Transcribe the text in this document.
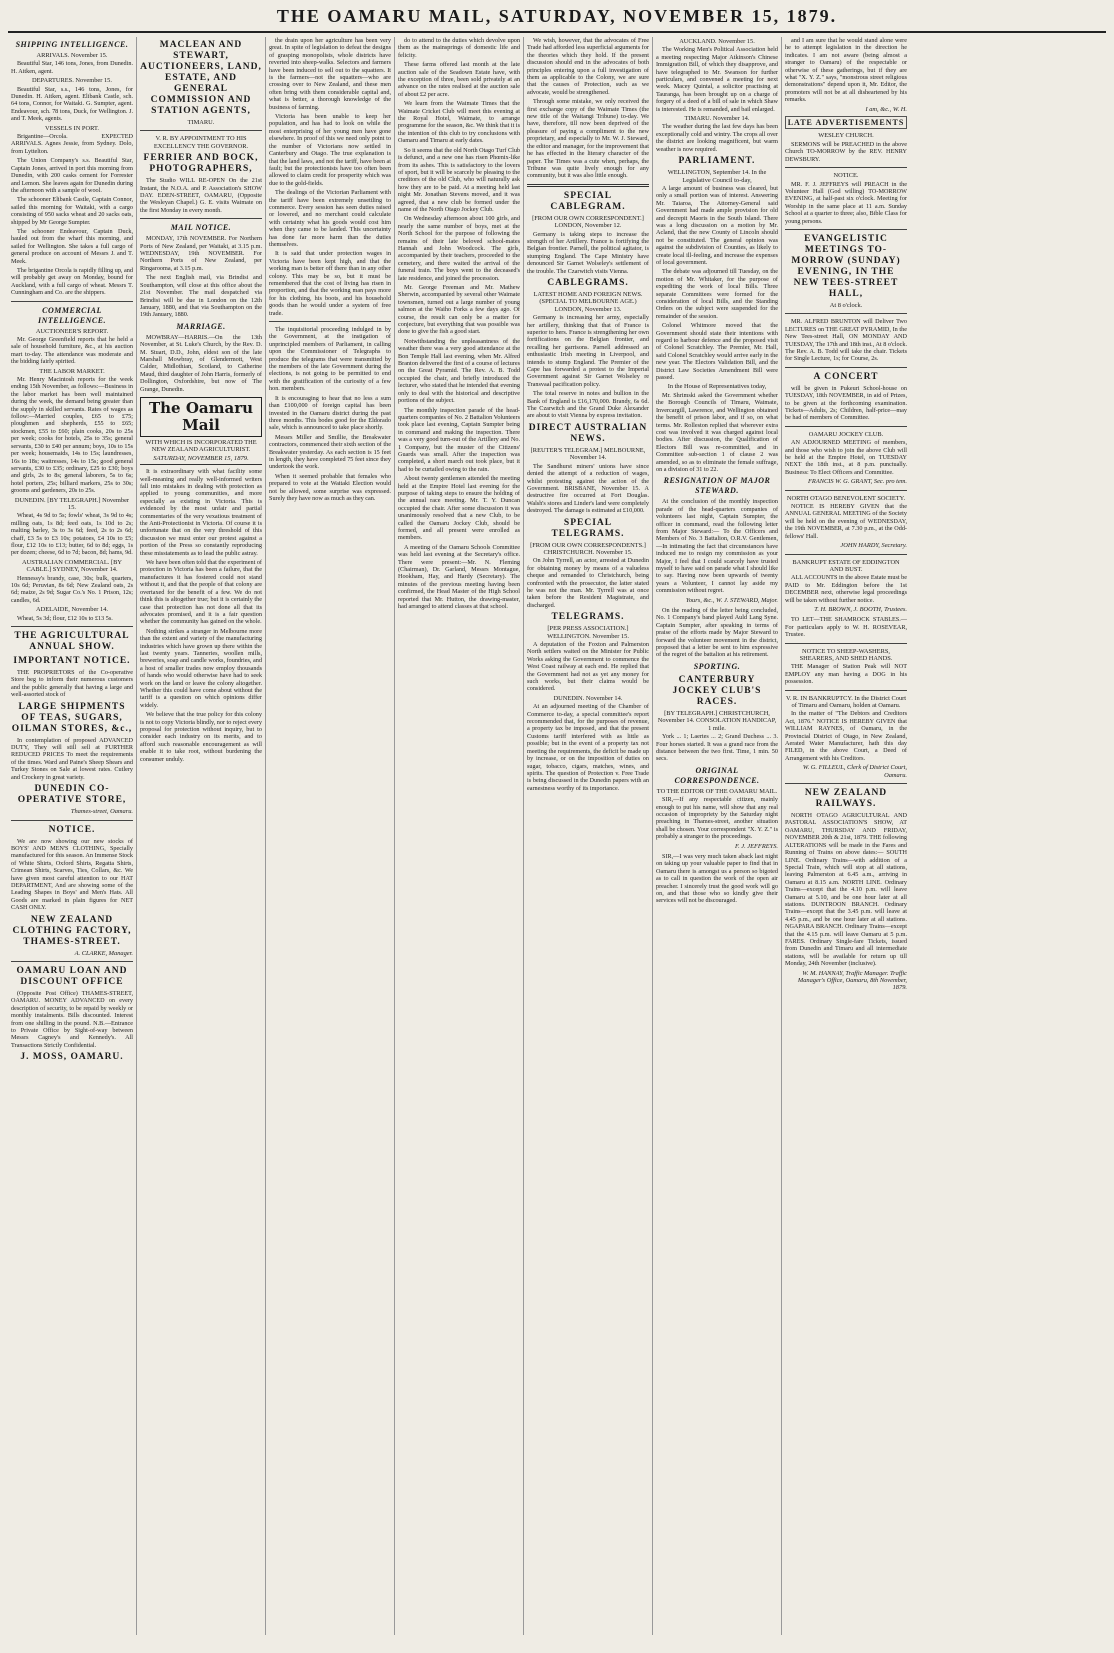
THE OAMARU MAIL, SATURDAY, NOVEMBER 15, 1879.
SHIPPING INTELLIGENCE.
ARRIVALS. November 15.

Beautiful Star, 146 tons, Jones, from Dunedin. H. Aitken, agent.

DEPARTURES. November 15.

Beautiful Star, s.s., 146 tons, Jones, for Dunedin. H. Aitken, agent. Elibank Castle, sch. 64 tons, Connor, for Waitaki. G. Sumpter, agent. Endeavour, sch. 78 tons, Duck, for Wellington. J. and T. Meek, agents.

VESSELS IN PORT.

Brigantine—Orcola. EXPECTED ARRIVALS. Agnes Jessie, from Sydney. Dolo, from Lyttelton.

The Union Company's s.s. Beautiful Star, Captain Jones, arrived in port this morning from Dunedin, with 200 casks cement for Forrester and Lemon. She leaves again for Dunedin during the afternoon with a sample of wool.

The schooner Elibank Castle, Captain Connor, sailed this morning for Waitaki, with a cargo consisting of 950 sacks wheat and 20 sacks oats, shipped by Mr George Sumpter.

The schooner Endeavour, Captain Duck, hauled out from the wharf this morning, and sailed for Wellington. She takes a full cargo of general produce on account of Messrs J. and T. Meek.

The brigantine Orcola is rapidly filling up, and will probably get away on Monday, bound for Auckland, with a full cargo of wheat. Messrs T. Cunningham and Co. are the shippers.

COMMERCIAL INTELLIGENCE.
AUCTIONEER'S REPORT.

Mr. George Greenfield reports that he held a sale of household furniture, &c., at his auction mart to-day. The attendance was moderate and the bidding fairly spirited.

THE LABOR MARKET.

Mr. Henry Macintosh reports for the week ending 15th November, as follows:—Business in the labor market has been well maintained during the week, the demand being greater than the supply in skilled servants. Rates of wages as follow:—Married couples, £65 to £75; ploughmen and shepherds, £55 to £65; stockmen, £55 to £60; plain cooks, 20s to 25s per week; cooks for hotels, 25s to 35s; general servants, £30 to £40 per annum; boys, 10s to 15s per week; housemaids, 14s to 15s; laundresses, 16s to 18s; waitresses, 14s to 15s; good general servants, £30 to £35; ordinary, £25 to £30; boys and girls, 2s to 8s; general laborers, 5s to 6s; hotel porters, 25s; billiard markers, 25s to 30s; grooms and gardeners, 20s to 25s.

DUNEDIN. [BY TELEGRAPH.] November 15.

Wheat, 4s 9d to 5s; fowls' wheat, 3s 9d to 4s; milling oats, 1s 8d; feed oats, 1s 10d to 2s; malting barley, 3s to 3s 6d; feed, 2s to 2s 6d; chaff, £3 5s to £3 10s; potatoes, £4 10s to £5; flour, £12 10s to £13; butter, 6d to 8d; eggs, 1s per dozen; cheese, 6d to 7d; bacon, 8d; hams, 9d.

AUSTRALIAN COMMERCIAL. [BY CABLE.] SYDNEY, November 14.

Hennessy's brandy, case, 30s; bulk, quarters, 10s 6d; Peruvian, 8s 6d; New Zealand oats, 2s 6d; maize, 2s 9d; Sugar Co.'s No. 1 Prison, 12s; candles, 6d.

ADELAIDE, November 14.

Wheat, 5s 3d; flour, £12 10s to £13 5s.

THE AGRICULTURAL ANNUAL SHOW.
IMPORTANT NOTICE.

THE PROPRIETORS of the Co-operative Store beg to inform their numerous customers and the public generally that having a large and well-assorted stock of

LARGE SHIPMENTS OF TEAS, SUGARS, OILMAN STORES, &c.,

In contemplation of proposed ADVANCED DUTY, They will still sell at FURTHER REDUCED PRICES To meet the requirements of the times. Ward and Paine's Sheep Shears and Turkey Stones on Sale at lowest rates. Cutlery and Crockery in great variety.

DUNEDIN CO-OPERATIVE STORE,
Thames-street, Oamaru.
NOTICE.

We are now showing our new stocks of BOYS' AND MEN'S CLOTHING, Specially manufactured for this season. An Immense Stock of White Shirts, Oxford Shirts, Regatta Shirts, Crimean Shirts, Scarves, Ties, Collars, &c. We have given most careful attention to our HAT DEPARTMENT, And are showing some of the Leading Shapes in Boys' and Men's Hats. All Goods are marked in plain figures for NET CASH ONLY.

NEW ZEALAND CLOTHING FACTORY, THAMES-STREET.
A. CLARKE, Manager.
OAMARU LOAN AND DISCOUNT OFFICE

(Opposite Post Office) THAMES-STREET, OAMARU. MONEY ADVANCED on every description of security, to be repaid by weekly or monthly instalments. Bills discounted. Interest from one shilling in the pound. N.B.—Entrance to Private Office by Sight-of-way between Messrs Cagney's and Kennedy's. All Transactions Strictly Confidential.

J. MOSS, OAMARU.
MACLEAN AND STEWART, AUCTIONEERS, LAND, ESTATE, AND GENERAL COMMISSION AND STATION AGENTS,
TIMARU.
V. R. BY APPOINTMENT TO HIS EXCELLENCY THE GOVERNOR.
FERRIER AND BOCK, PHOTOGRAPHERS,

The Studio WILL RE-OPEN On the 21st Instant, the N.O.A. and P. Association's SHOW DAY. EDEN-STREET, OAMARU, (Opposite the Wesleyan Chapel.) G. E. visits Waimate on the first Monday in every month.

MAIL NOTICE.

MONDAY, 17th NOVEMBER. For Northern Ports of New Zealand, per Waitaki, at 3.15 p.m. WEDNESDAY, 19th NOVEMBER. For Northern Ports of New Zealand, per Ringarooma, at 3.15 p.m.

The next English mail, via Brindisi and Southampton, will close at this office about the 21st November. The mail despatched via Brindisi will be due in London on the 12th January, 1880, and that via Southampton on the 19th January, 1880.

MARRIAGE.

MOWBRAY—HARRIS.—On the 13th November, at St. Luke's Church, by the Rev. D. M. Stuart, D.D., John, eldest son of the late Marshall Mowbray, of Glendermott, West Calder, Midlothian, Scotland, to Catherine Maud, third daughter of John Harris, formerly of Dollington, Oxfordshire, but now of The Grange, Dunedin.

The Oamaru Mail
WITH WHICH IS INCORPORATED THE NEW ZEALAND AGRICULTURIST.
SATURDAY, NOVEMBER 15, 1879.

It is extraordinary with what facility some well-meaning and really well-informed writers fall into mistakes in dealing with protection as applied to young communities, and more especially as existing in Victoria. This is evidenced by the most unfair and partial commentaries of the very vexatious treatment of the Anti-Protectionist in Victoria. Of course it is unfortunate that on the very threshold of this discussion we must enter our protest against a portion of the Press so constantly reproducing these misstatements as to lead the public astray.

We have been often told that the experiment of protection in Victoria has been a failure, that the manufactures it has fostered could not stand without it, and that the people of that colony are overtaxed for the benefit of a few. We do not think this is altogether true; but it is certainly the case that protection has not done all that its advocates promised, and it is a fair question whether the community has gained on the whole.

Nothing strikes a stranger in Melbourne more than the extent and variety of the manufacturing industries which have grown up there within the last twenty years. Tanneries, woollen mills, breweries, soap and candle works, foundries, and a host of smaller trades now employ thousands of hands who would otherwise have had to seek work on the land or leave the colony altogether. Whether this could have come about without the tariff is a question on which opinions differ widely.

We believe that the true policy for this colony is not to copy Victoria blindly, nor to reject every proposal for protection without inquiry, but to consider each industry on its merits, and to afford such reasonable encouragement as will enable it to take root, without burdening the consumer unduly.

the drain upon her agriculture has been very great. In spite of legislation to defeat the designs of grasping monopolists, whole districts have reverted into sheep-walks. Selectors and farmers have been induced to sell out to the squatters. It is the farmers—not the squatters—who are crossing over to New Zealand, and these men often bring with them considerable capital and, what is better, a thorough knowledge of the business of farming.

Victoria has been unable to keep her population, and has had to look on while the most enterprising of her young men have gone elsewhere. In proof of this we need only point to the number of Victorians now settled in Canterbury and Otago. The true explanation is that the land laws, and not the tariff, have been at fault; but the protectionists have too often been allowed to claim credit for prosperity which was due to the gold-fields.

The dealings of the Victorian Parliament with the tariff have been extremely unsettling to commerce. Every session has seen duties raised or lowered, and no merchant could calculate with certainty what his goods would cost him when they came to be landed. This uncertainty has done far more harm than the duties themselves.

It is said that under protection wages in Victoria have been kept high, and that the working man is better off there than in any other colony. This may be so, but it must be remembered that the cost of living has risen in proportion, and that the working man pays more for his clothing, his boots, and his household goods than he would under a system of free trade.

The inquisitorial proceeding indulged in by the Government, at the instigation of unprincipled members of Parliament, in calling upon the Commissioner of Telegraphs to produce the telegrams that were transmitted by the members of the late Government during the elections, is not going to be permitted to end with the gratification of the curiosity of a few hon. members.

It is encouraging to hear that no less a sum than £100,000 of foreign capital has been invested in the Oamaru district during the past three months. This bodes good for the Eldorado sale, which is announced to take place shortly.

Messrs Miller and Smillie, the Breakwater contractors, commenced their sixth section of the Breakwater yesterday. As each section is 15 feet in length, they have completed 75 feet since they undertook the work.

When it seemed probable that females who prepared to vote at the Waitaki Election would not be allowed, some surprise was expressed. Surely they have now as much as they can.

do to attend to the duties which devolve upon them as the mainsprings of domestic life and felicity.

These farms offered last month at the late auction sale of the Seadown Estate have, with the exception of three, been sold privately at an advance on the rates realised at the auction sale of about £2 per acre.

We learn from the Waimate Times that the Waimate Cricket Club will meet this evening at the Royal Hotel, Waimate, to arrange programme for the season, &c. We think that it is the intention of this club to try conclusions with Oamaru and Timaru at early dates.

So it seems that the old North Otago Turf Club is defunct, and a new one has risen Phœnix-like from its ashes. This is satisfactory to the lovers of sport, but it will be scarcely be pleasing to the creditors of the old Club, who will naturally ask how they are to be paid. At a meeting held last night Mr. Jonathan Stevens moved, and it was agreed, that a new club be formed under the name of the North Otago Jockey Club.

On Wednesday afternoon about 100 girls, and nearly the same number of boys, met at the North School for the purpose of following the remains of their late beloved school-mates Hannah and John Woodcock. The girls, accompanied by their teachers, proceeded to the cemetery, and there waited the arrival of the funeral train. The boys went to the deceased's late residence, and joined the procession.

Mr. George Freeman and Mr. Mathew Sherwin, accompanied by several other Waimate townsmen, turned out a large number of young salmon at the Waiho Forks a few days ago. Of course, the result can only be a matter for conjecture, but everything that was possible was done to give the fish a good start.

Notwithstanding the unpleasantness of the weather there was a very good attendance at the Bon Temple Hall last evening, when Mr. Alfred Branton delivered the first of a course of lectures on the Great Pyramid. The Rev. A. B. Todd occupied the chair, and briefly introduced the lecturer, who stated that he intended that evening only to deal with the historical and descriptive portions of the subject.

The monthly inspection parade of the head-quarters companies of No. 2 Battalion Volunteers took place last evening, Captain Sumpter being in command and making the inspection. There was a very good turn-out of the Artillery and No. 1 Company, but the muster of the Citizens' Guards was small. After the inspection was completed, a short march out took place, but it had to be curtailed owing to the rain.

About twenty gentlemen attended the meeting held at the Empire Hotel last evening for the purpose of taking steps to ensure the holding of the annual race meeting. Mr. T. Y. Duncan occupied the chair. After some discussion it was unanimously resolved that a new Club, to be called the Oamaru Jockey Club, should be formed, and all present were enrolled as members.

A meeting of the Oamaru Schools Committee was held last evening at the Secretary's office. There were present:—Mr. N. Fleming (Chairman), Dr. Garland, Messrs Montague, Hookham, Hay, and Hardy (Secretary). The minutes of the previous meeting having been confirmed, the Head Master of the High School reported that Mr. Hutton, the drawing-master, had arranged to attend classes at that school.

We wish, however, that the advocates of Free Trade had afforded less superficial arguments for the theories which they hold. If the present discussion should end in the advocates of both principles entering upon a full investigation of them as applicable to the Colony, we are sure that the causes of Protection, such as we advocate, would be strengthened.

Through some mistake, we only received the first exchange copy of the Waimate Times (the new title of the Waitangi Tribune) to-day. We have, therefore, till now been deprived of the pleasure of paying a compliment to the new proprietary, and especially to Mr. W. J. Steward, the editor and manager, for the improvement that he has effected in the literary character of the paper. The Times was a cute when, perhaps, the Tribune was quite lively enough for any community, but it was also little enough.

SPECIAL CABLEGRAM.
[FROM OUR OWN CORRESPONDENT.] LONDON, November 12.

Germany is taking steps to increase the strength of her Artillery. France is fortifying the Belgian frontier. Parnell, the political agitator, is stumping England. The Cape Ministry have denounced Sir Garnet Wolseley's settlement of the trouble. The Czarwitch visits Vienna.

CABLEGRAMS.
LATEST HOME AND FOREIGN NEWS. (SPECIAL TO MELBOURNE AGE.) LONDON, November 13.

Germany is increasing her army, especially her artillery, thinking that that of France is superior to hers. France is strengthening her own fortifications on the Belgian frontier, and recalling her garrisons. Parnell addressed an enthusiastic Irish meeting in Liverpool, and intends to stump England. The Premier of the Cape has forwarded a protest to the Imperial Government against Sir Garnet Wolseley re Transvaal pacification policy.

The total reserve in notes and bullion in the Bank of England is £16,170,000. Brandy, 6s 6d. The Czarwitch and the Grand Duke Alexander are about to visit Vienna by express invitation.

DIRECT AUSTRALIAN NEWS.
[REUTER'S TELEGRAM.] MELBOURNE, November 14.

The Sandhurst miners' unions have since denied the attempt of a reduction of wages, whilst protesting against the action of the Government. BRISBANE, November 15. A destructive fire occurred at Fort Douglas. Walsh's stores and Linder's land were completely destroyed. The damage is estimated at £10,000.

SPECIAL TELEGRAMS.
[FROM OUR OWN CORRESPONDENTS.] CHRISTCHURCH. November 15.

On John Tyrrell, an actor, arrested at Dunedin for obtaining money by means of a valueless cheque and remanded to Christchurch, being confronted with the prosecutor, the latter stated he was not the man. Mr. Tyrrell was at once taken before the Resident Magistrate, and discharged.

TELEGRAMS.
[PER PRESS ASSOCIATION.] WELLINGTON. November 15.

A deputation of the Foxton and Palmerston North settlers waited on the Minister for Public Works asking the Government to commence the West Coast railway at each end. He replied that the Government had not as yet any money for such works, but their claims would be considered.

DUNEDIN. November 14.

At an adjourned meeting of the Chamber of Commerce to-day, a special committee's report recommended that, for the purposes of revenue, a property tax be imposed, and that the present Customs tariff interfered with as little as possible; but in the event of a property tax not meeting the requirements, the deficit be made up by increase, or on the imposition of duties on sugar, tobacco, cigars, matches, wines, and spirits. The question of Protection v. Free Trade is being discussed in the Dunedin papers with an earnestness worthy of its importance.

AUCKLAND. November 15.

The Working Men's Political Association held a meeting respecting Major Atkinson's Chinese Immigration Bill, of which they disapprove, and have telegraphed to Mr. Swanson for further particulars, and convened a meeting for next week. Macey Quintal, a solicitor practising at Tauranga, has been brought up on a charge of forgery of a deed of a bill of sale in which Shaw is interested. He is remanded, and bail enlarged.

TIMARU. November 14.

The weather during the last few days has been exceptionally cold and wintry. The crops all over the district are looking magnificent, but warm weather is now required.

PARLIAMENT.
WELLINGTON, September 14. In the Legislative Council to-day,

A large amount of business was cleared, but only a small portion was of interest. Answering Mr. Taiaroa, The Attorney-General said Government had made ample provision for old and decrepit Maoris in the South Island. There was a long discussion on a motion by Mr. Acland, that the new County of Lincoln should not be constituted. The general opinion was against the subdivision of Counties, as likely to create local ill-feeling, and increase the expenses of local government.

The debate was adjourned till Tuesday, on the motion of Mr. Whitaker, for the purpose of expediting the work of local Bills. Three separate Committees were formed for the consideration of local Bills, and the Standing Orders on the subject were suspended for the remainder of the session.

Colonel Whitmore moved that the Government should state their intentions with regard to harbour defence and the proposed visit of Colonel Scratchley. The Premier, Mr. Hall, said Colonel Scratchley would arrive early in the new year. The Electors Validation Bill, and the District Law Societies Amendment Bill were passed.

In the House of Representatives today,

Mr. Shrimski asked the Government whether the Borough Councils of Timaru, Waimate, Invercargill, Lawrence, and Wellington obtained the benefit of prison labor, and if so, on what terms. Mr. Rolleston replied that wherever extra cost was involved it was charged against local bodies. After discussion, the Qualification of Electors Bill was re-committed, and in Committee sub-section 1 of clause 2 was amended, so as to eliminate the female suffrage, on a division of 31 to 22.

RESIGNATION OF MAJOR STEWARD.

At the conclusion of the monthly inspection parade of the head-quarters companies of volunteers last night, Captain Sumpter, the officer in command, read the following letter from Major Steward:— To the Officers and Members of No. 3 Battalion, O.R.V. Gentlemen,—In intimating the fact that circumstances have induced me to resign my commission as your Major, I feel that I could scarcely have trusted myself to have said on parade what I should like to say. Having now been upwards of twenty years a Volunteer, I cannot lay aside my commission without regret.

Yours, &c., W. J. STEWARD, Major.

On the reading of the letter being concluded, No. 1 Company's band played Auld Lang Syne. Captain Sumpter, after speaking in terms of praise of the efforts made by Major Steward to forward the volunteer movement in the district, proposed that a letter be sent to him expressive of the regret of the battalion at his retirement.

SPORTING.
CANTERBURY JOCKEY CLUB'S RACES.
[BY TELEGRAPH.] CHRISTCHURCH, November 14. CONSOLATION HANDICAP, 1 mile.

York ... 1; Laertes ... 2; Grand Duchess ... 3. Four horses started. It was a grand race from the distance between the two first. Time, 1 min. 50 secs.

ORIGINAL CORRESPONDENCE.
TO THE EDITOR OF THE OAMARU MAIL.

SIR,—If any respectable citizen, mainly enough to put his name, will show that any real occasion of impropriety by the Saturday night preaching in Thames-street, another situation shall be chosen. Your correspondent "X. Y. Z." is probably a stranger to the proceedings.

F. J. JEFFREYS.

SIR,—I was very much taken aback last night on taking up your valuable paper to find that in Oamaru there is amongst us a person so bigoted as to call in question the work of the open air preacher. I sincerely trust the good work will go on, and that those who so kindly give their services will not be discouraged.

and I am sure that he would stand alone were he to attempt legislation in the direction he indicates. I am not aware (being almost a stranger to Oamaru) of the respectable or otherwise of these gatherings, but if they are what "X. Y. Z." says, "monstrous street religious demonstrations" depend upon it, Mr. Editor, the promoters will not be at all disheartened by his remarks.

I am, &c., W. H.
LATE ADVERTISEMENTS
WESLEY CHURCH.

SERMONS will be PREACHED in the above Church TO-MORROW by the REV. HENRY DEWSBURY.

NOTICE.

MR. F. J. JEFFREYS will PREACH in the Volunteer Hall (God willing) TO-MORROW EVENING, at half-past six o'clock. Meeting for Worship in the same place at 11 a.m. Sunday School at a quarter to three; also, Bible Class for young persons.

EVANGELISTIC MEETINGS TO-MORROW (SUNDAY) EVENING, IN THE NEW TEES-STREET HALL,
At 8 o'clock.

MR. ALFRED BRUNTON will Deliver Two LECTURES on THE GREAT PYRAMID, In the New Tees-street Hall, ON MONDAY AND TUESDAY, The 17th and 18th inst., At 8 o'clock. The Rev. A. B. Todd will take the chair. Tickets for Single Lecture, 1s; for Course, 2s.

A CONCERT

will be given in Pukeuri School-house on TUESDAY, 18th NOVEMBER, in aid of Prizes, to be given at the forthcoming examination. Tickets—Adults, 2s; Children, half-price—may be had of members of Committee.

OAMARU JOCKEY CLUB.

AN ADJOURNED MEETING of members, and those who wish to join the above Club will be held at the Empire Hotel, on TUESDAY NEXT the 18th inst., at 8 p.m. punctually. Business: To Elect Officers and Committee.

FRANCIS W. G. GRANT, Sec. pro tem.
NORTH OTAGO BENEVOLENT SOCIETY.

NOTICE IS HEREBY GIVEN that the ANNUAL GENERAL MEETING of the Society will be held on the evening of WEDNESDAY, the 19th NOVEMBER, at 7.30 p.m., at the Odd-fellows' Hall.

JOHN HARDY, Secretary.
BANKRUPT ESTATE OF EDDINGTON AND BUST.

ALL ACCOUNTS in the above Estate must be PAID to Mr. Eddington before the 1st DECEMBER next, otherwise legal proceedings will be taken without further notice.

T. H. BROWN, J. BOOTH, Trustees.

TO LET—THE SHAMROCK STABLES.—For particulars apply to W. H. ROSEVEAR, Trustee.

NOTICE TO SHEEP-WASHERS, SHEARERS, AND SHED HANDS.

THE Manager of Station Peak will NOT EMPLOY any man having a DOG in his possession.

V. R. IN BANKRUPTCY. In the District Court of Timaru and Oamaru, holden at Oamaru.

In the matter of "The Debtors and Creditors Act, 1876." NOTICE IS HEREBY GIVEN that WILLIAM RAYNES, of Oamaru, in the Provincial District of Otago, in New Zealand, Aerated Water Manufacturer, hath this day FILED, in the above Court, a Deed of Arrangement with his Creditors.

W. G. FILLEUL, Clerk of District Court, Oamaru.
NEW ZEALAND RAILWAYS.

NORTH OTAGO AGRICULTURAL AND PASTORAL ASSOCIATION'S SHOW, AT OAMARU, THURSDAY AND FRIDAY, NOVEMBER 20th & 21st, 1879. THE following ALTERATIONS will be made in the Fares and Running of Trains on above dates:— SOUTH LINE. Ordinary Trains—with addition of a Special Train, which will stop at all stations, leaving Palmerston at 6.45 a.m., arriving in Oamaru at 8.15 a.m. NORTH LINE. Ordinary Trains—except that the 4.10 p.m. will leave Oamaru at 5.10, and be one hour later at all stations. DUNTROON BRANCH. Ordinary Trains—except that the 3.45 p.m. will leave at 4.45 p.m., and be one hour later at all stations. NGAPARA BRANCH. Ordinary Trains—except that the 4.15 p.m. will leave Oamaru at 5 p.m. FARES. Ordinary Single-fare Tickets, issued from Dunedin and Timaru and all intermediate stations, will be available for return up till Monday, 24th November (inclusive).

W. M. HANNAY, Traffic Manager. Traffic Manager's Office, Oamaru, 8th November, 1879.
